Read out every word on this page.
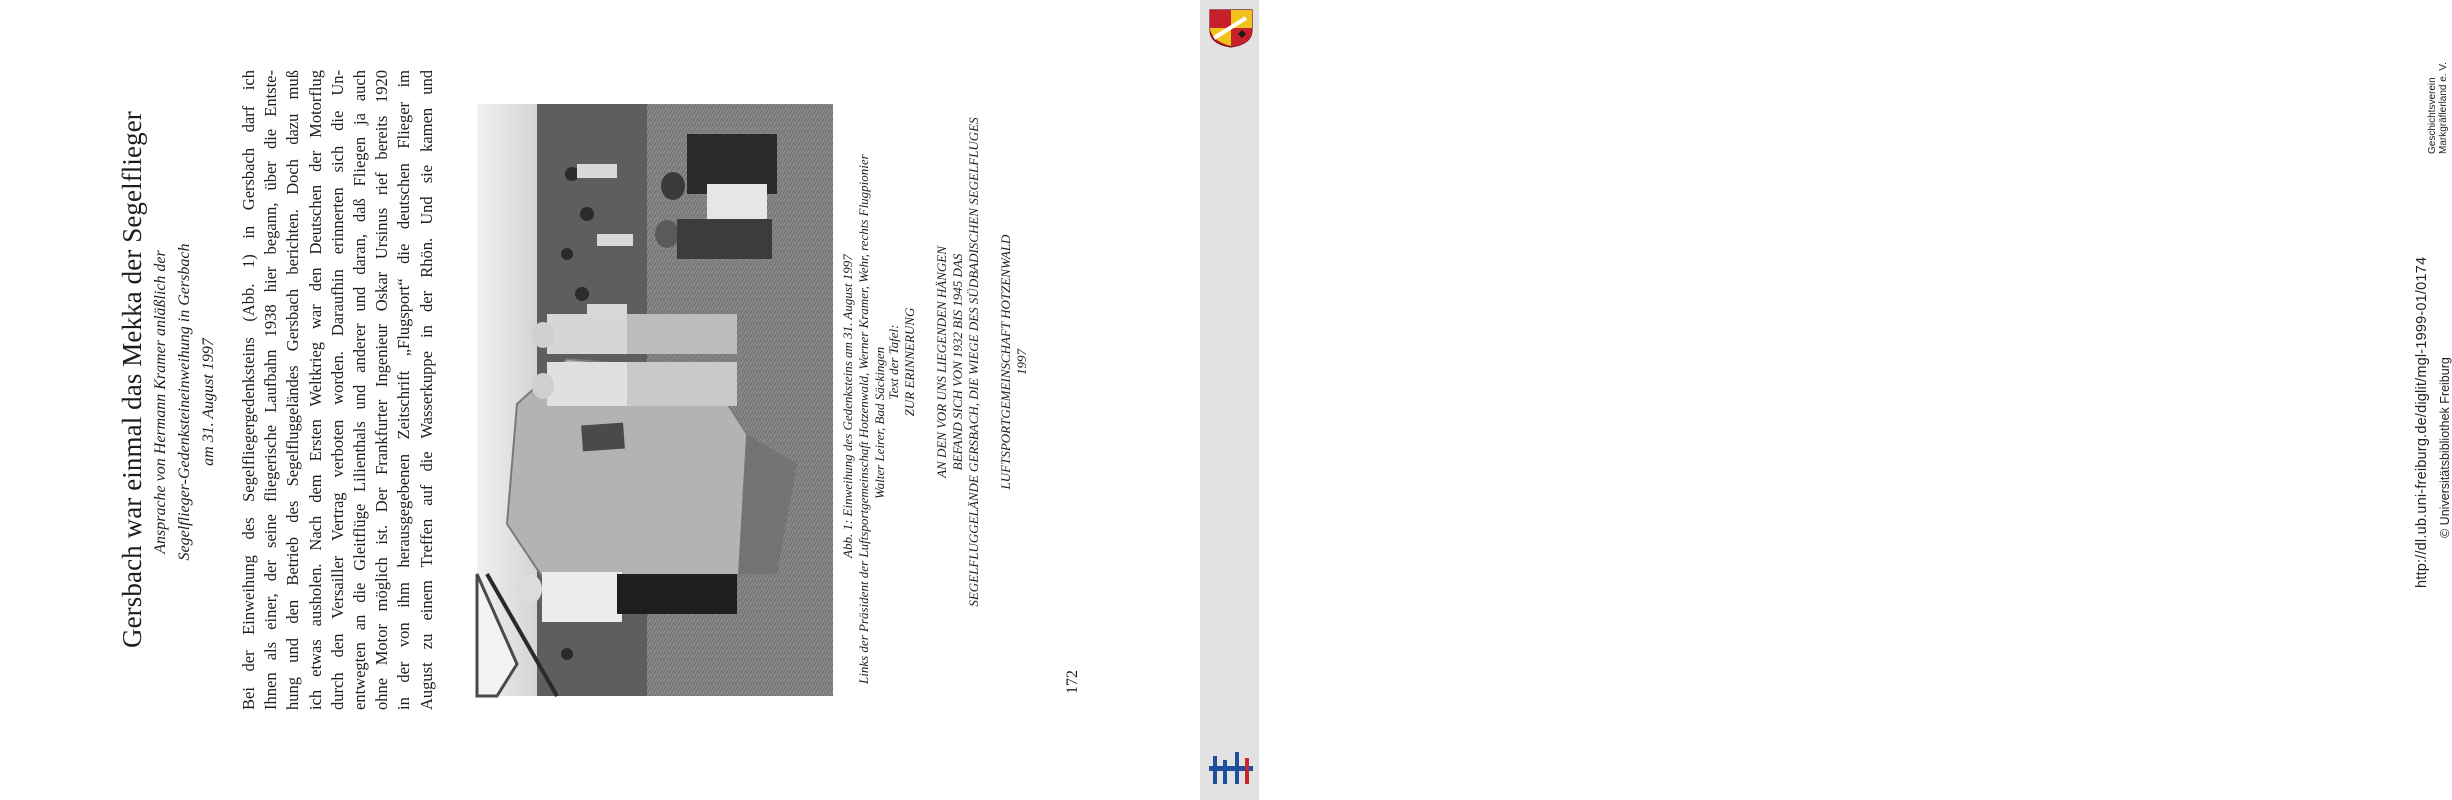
Gersbach war einmal das Mekka der Segelflieger Ansprache von Hermann Kramer anläßlich der Segelflieger-Gedenksteineinweihung in Gersbach am 31. August 1997 Bei der Einweihung des Segelfliegergedenksteins (Abb. 1) in Gersbach darf ich Ihnen als einer, der seine fliegerische Laufbahn 1938 hier begann, über die Entste- hung und den Betrieb des Segelfluggeländes Gersbach berichten. Doch dazu muß ich etwas ausholen. Nach dem Ersten Weltkrieg war den Deutschen der Motorflug durch den Versailler Vertrag verboten worden. Daraufhin erinnerten sich die Un- entwegten an die Gleitflüge Lilienthals und anderer und daran, daß Fliegen ja auch ohne Motor möglich ist. Der Frankfurter Ingenieur Oskar Ursinus rief bereits 1920 in der von ihm herausgegebenen Zeitschrift „Flugsport“ die deutschen Flieger im August zu einem Treffen auf die Wasserkuppe in der Rhön. Und sie kamen und	Abb. 1: Einweihung des Gedenksteins am 31. August 1997 Links der Präsident der Luftsportgemeinschaft Hotzenwald, Werner Kramer, Wehr, rechts Flugpionier Walter Leirer, Bad Säckingen Text der Tafel: ZUR ERINNERUNG AN DEN VOR UNS LIEGENDEN HÄNGEN BEFAND SICH VON 1932 BIS 1945 DAS SEGELFLUGGELÄNDE GERSBACH, DIE WIEGE DES SÜDBADISCHEN SEGELFLUGES LUFTSPORTGEMEINSCHAFT HOTZENWALD 1997
172
Geschichtsverein Markgräflerland e. V.
http://dl.ub.uni-freiburg.de/diglit/mgl-1999-01/0174 © Universitätsbibliothek Freiburg
